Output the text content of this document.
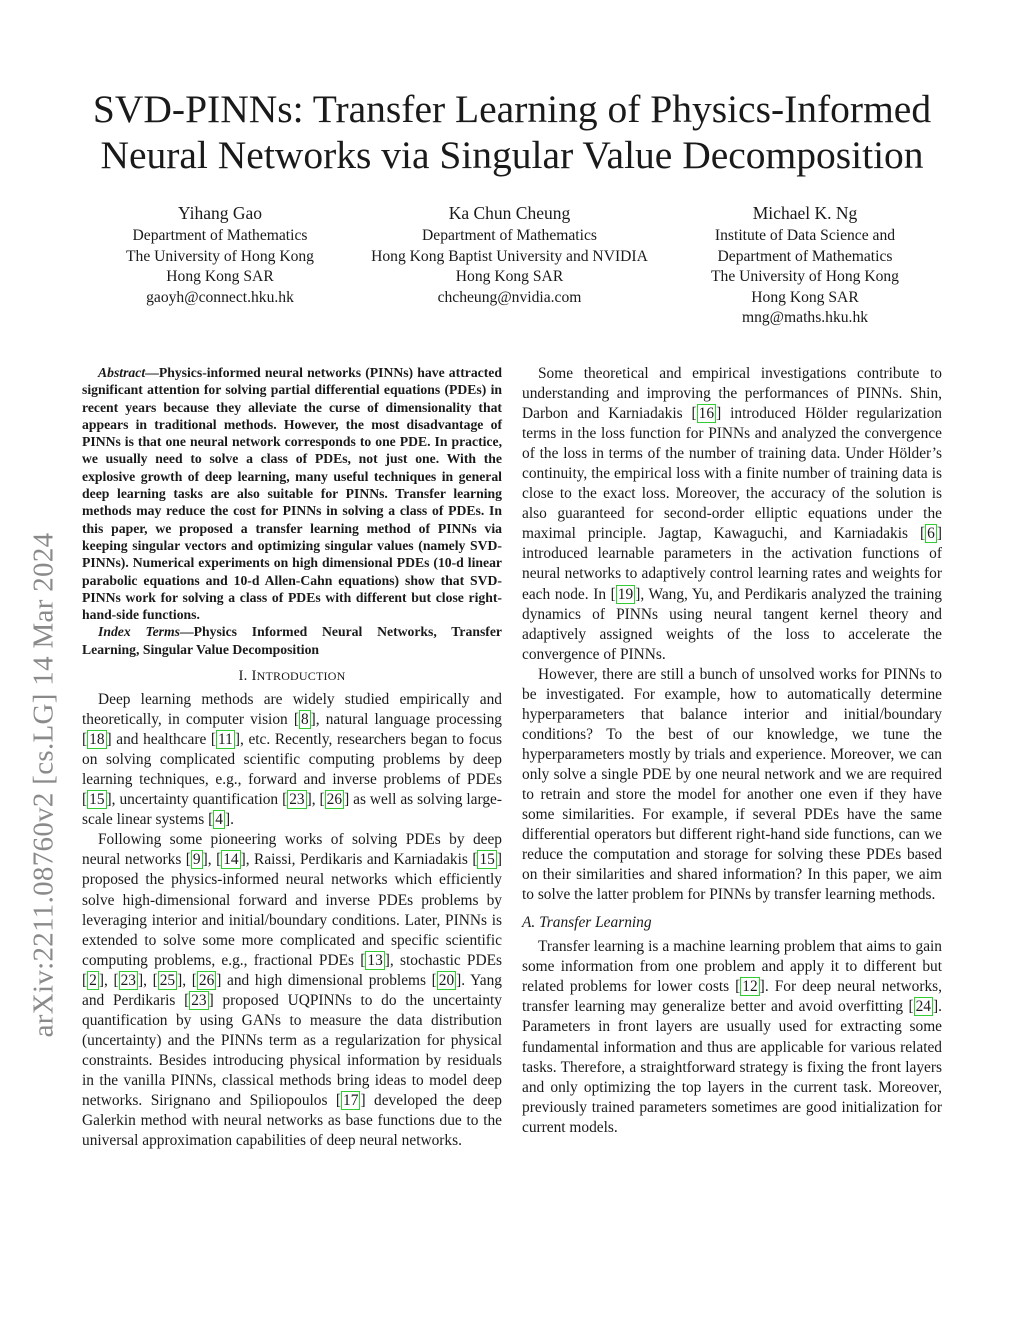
arXiv:2211.08760v2 [cs.LG] 14 Mar 2024
SVD-PINNs: Transfer Learning of Physics-Informed
Neural Networks via Singular Value Decomposition
Yihang Gao
Department of Mathematics
The University of Hong Kong
Hong Kong SAR
gaoyh@connect.hku.hk
Ka Chun Cheung
Department of Mathematics
Hong Kong Baptist University and NVIDIA
Hong Kong SAR
chcheung@nvidia.com
Michael K. Ng
Institute of Data Science and
Department of Mathematics
The University of Hong Kong
Hong Kong SAR
mng@maths.hku.hk

Abstract—Physics-informed neural networks (PINNs) have attracted significant attention for solving partial differential equations (PDEs) in recent years because they alleviate the curse of dimensionality that appears in traditional methods. However, the most disadvantage of PINNs is that one neural network corresponds to one PDE. In practice, we usually need to solve a class of PDEs, not just one. With the explosive growth of deep learning, many useful techniques in general deep learning tasks are also suitable for PINNs. Transfer learning methods may reduce the cost for PINNs in solving a class of PDEs. In this paper, we proposed a transfer learning method of PINNs via keeping singular vectors and optimizing singular values (namely SVD-PINNs). Numerical experiments on high dimensional PDEs (10-d linear parabolic equations and 10-d Allen-Cahn equations) show that SVD-PINNs work for solving a class of PDEs with different but close right-hand-side functions.

Index Terms—Physics Informed Neural Networks, Transfer Learning, Singular Value Decomposition

I. INTRODUCTION

Deep learning methods are widely studied empirically and theoretically, in computer vision [ 8 ], natural language processing [ 18 ] and healthcare [ 11 ], etc. Recently, researchers began to focus on solving complicated scientific computing problems by deep learning techniques, e.g., forward and inverse problems of PDEs [ 15 ], uncertainty quantification [ 23 ], [ 26 ] as well as solving large-scale linear systems [ 4 ].

Following some pioneering works of solving PDEs by deep neural networks [ 9 ], [ 14 ], Raissi, Perdikaris and Karniadakis [ 15 ] proposed the physics-informed neural networks which efficiently solve high-dimensional forward and inverse PDEs problems by leveraging interior and initial/boundary conditions. Later, PINNs is extended to solve some more complicated and specific scientific computing problems, e.g., fractional PDEs [ 13 ], stochastic PDEs [ 2 ], [ 23 ], [ 25 ], [ 26 ] and high dimensional problems [ 20 ]. Yang and Perdikaris [ 23 ] proposed UQPINNs to do the uncertainty quantification by using GANs to measure the data distribution (uncertainty) and the PINNs term as a regularization for physical constraints. Besides introducing physical information by residuals in the vanilla PINNs, classical methods bring ideas to model deep networks. Sirignano and Spiliopoulos [ 17 ] developed the deep Galerkin method with neural networks as base functions due to the universal approximation capabilities of deep neural networks.

Some theoretical and empirical investigations contribute to understanding and improving the performances of PINNs. Shin, Darbon and Karniadakis [ 16 ] introduced Hölder regularization terms in the loss function for PINNs and analyzed the convergence of the loss in terms of the number of training data. Under Hölder’s continuity, the empirical loss with a finite number of training data is close to the exact loss. Moreover, the accuracy of the solution is also guaranteed for second-order elliptic equations under the maximal principle. Jagtap, Kawaguchi, and Karniadakis [ 6 ] introduced learnable parameters in the activation functions of neural networks to adaptively control learning rates and weights for each node. In [ 19 ], Wang, Yu, and Perdikaris analyzed the training dynamics of PINNs using neural tangent kernel theory and adaptively assigned weights of the loss to accelerate the convergence of PINNs.

However, there are still a bunch of unsolved works for PINNs to be investigated. For example, how to automatically determine hyperparameters that balance interior and initial/boundary conditions? To the best of our knowledge, we tune the hyperparameters mostly by trials and experience. Moreover, we can only solve a single PDE by one neural network and we are required to retrain and store the model for another one even if they have some similarities. For example, if several PDEs have the same differential operators but different right-hand side functions, can we reduce the computation and storage for solving these PDEs based on their similarities and shared information? In this paper, we aim to solve the latter problem for PINNs by transfer learning methods.

A. Transfer Learning

Transfer learning is a machine learning problem that aims to gain some information from one problem and apply it to different but related problems for lower costs [ 12 ]. For deep neural networks, transfer learning may generalize better and avoid overfitting [ 24 ]. Parameters in front layers are usually used for extracting some fundamental information and thus are applicable for various related tasks. Therefore, a straightforward strategy is fixing the front layers and only optimizing the top layers in the current task. Moreover, previously trained parameters sometimes are good initialization for current models.
